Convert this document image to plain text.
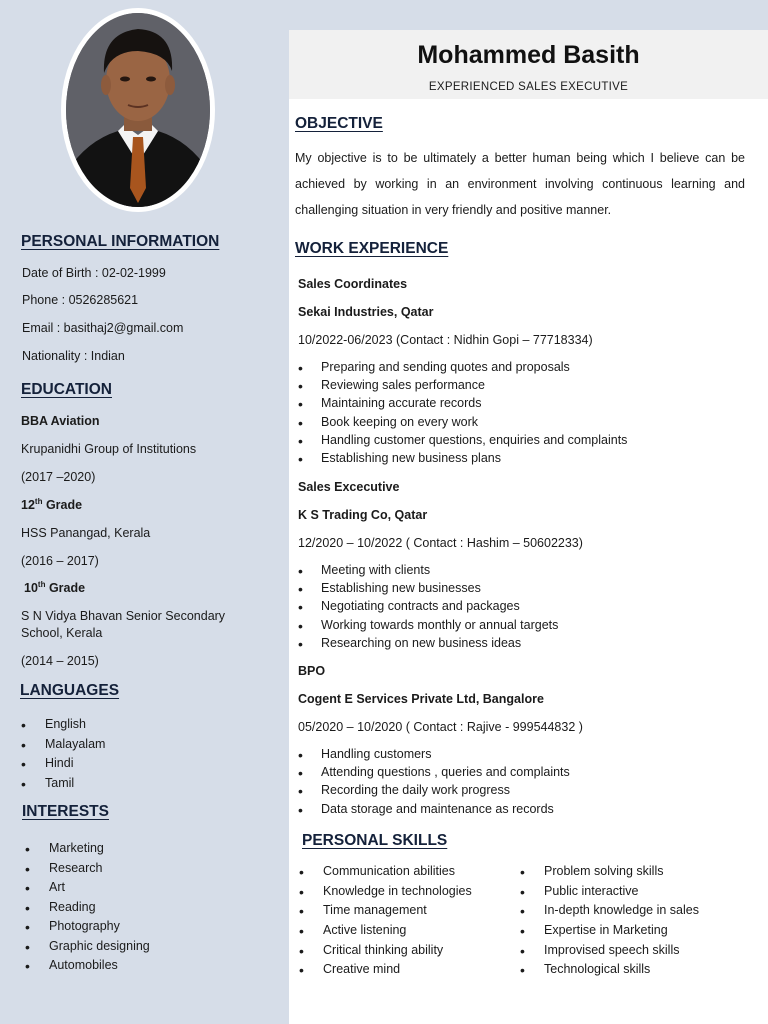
PERSONAL INFORMATION

Date of Birth : 02-02-1999

Phone : 0526285621

Email : basithaj2@gmail.com

Nationality : Indian

EDUCATION

BBA Aviation

Krupanidhi Group of Institutions

(2017 –2020)

12th Grade

HSS Panangad, Kerala

(2016 – 2017)

10th Grade

S N Vidya Bhavan Senior Secondary

School, Kerala

(2014 – 2015)

LANGUAGES
• English
• Malayalam
• Hindi
• Tamil
INTERESTS
• Marketing
• Research
• Art
• Reading
• Photography
• Graphic designing
• Automobiles
Mohammed Basith

EXPERIENCED SALES EXECUTIVE

OBJECTIVE

My objective is to be ultimately a better human being which I believe can be achieved by working in an environment involving continuous learning and challenging situation in very friendly and positive manner.

WORK EXPERIENCE

Sales Coordinates

Sekai Industries, Qatar

10/2022-06/2023 (Contact : Nidhin Gopi – 77718334)

• Preparing and sending quotes and proposals
• Reviewing sales performance
• Maintaining accurate records
• Book keeping on every work
• Handling customer questions, enquiries and complaints
• Establishing new business plans

Sales Excecutive

K S Trading Co, Qatar

12/2020 – 10/2022 ( Contact : Hashim – 50602233)

• Meeting with clients
• Establishing new businesses
• Negotiating contracts and packages
• Working towards monthly or annual targets
• Researching on new business ideas

BPO

Cogent E Services Private Ltd, Bangalore

05/2020 – 10/2020 ( Contact : Rajive - 999544832 )

• Handling customers
• Attending questions , queries and complaints
• Recording the daily work progress
• Data storage and maintenance as records
PERSONAL SKILLS
• Communication abilities
• Knowledge in technologies
• Time management
• Active listening
• Critical thinking ability
• Creative mind
• Problem solving skills
• Public interactive
• In-depth knowledge in sales
• Expertise in Marketing
• Improvised speech skills
• Technological skills
